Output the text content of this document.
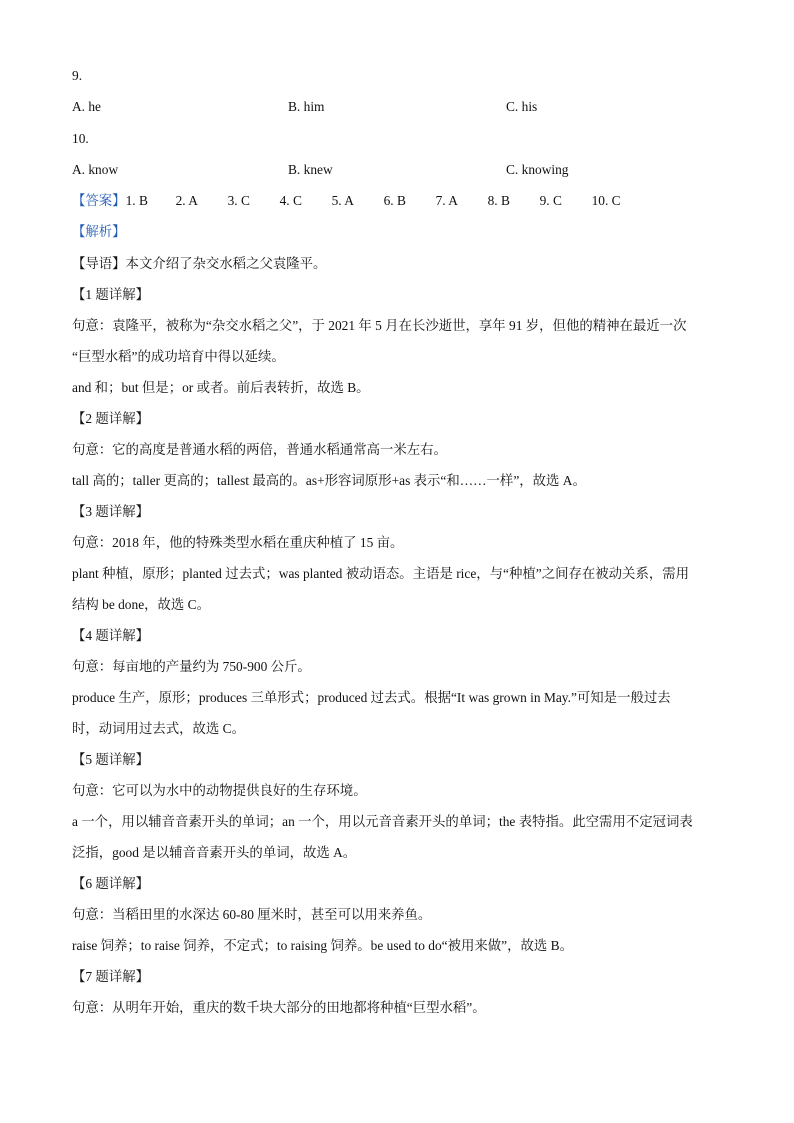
9.
A. he	B. him	C. his
10.
A. know	B. knew	C. knowing
【答案】1. B 2. A 3. C 4. C 5. A 6. B 7. A 8. B 9. C 10. C
【解析】
【导语】本文介绍了杂交水稻之父袁隆平。
【1 题详解】
句意：袁隆平，被称为“杂交水稻之父”，于 2021 年 5 月在长沙逝世，享年 91 岁，但他的精神在最近一次
“巨型水稻”的成功培育中得以延续。
and 和；but 但是；or 或者。前后表转折，故选 B。
【2 题详解】
句意：它的高度是普通水稻的两倍，普通水稻通常高一米左右。
tall 高的；taller 更高的；tallest 最高的。as+形容词原形+as 表示“和……一样”，故选 A。
【3 题详解】
句意：2018 年，他的特殊类型水稻在重庆种植了 15 亩。
plant 种植，原形；planted 过去式；was planted 被动语态。主语是 rice，与“种植”之间存在被动关系，需用
结构 be done，故选 C。
【4 题详解】
句意：每亩地的产量约为 750-900 公斤。
produce 生产，原形；produces 三单形式；produced 过去式。根据“It was grown in May.”可知是一般过去
时，动词用过去式，故选 C。
【5 题详解】
句意：它可以为水中的动物提供良好的生存环境。
a 一个，用以辅音音素开头的单词；an 一个，用以元音音素开头的单词；the 表特指。此空需用不定冠词表
泛指，good 是以辅音音素开头的单词，故选 A。
【6 题详解】
句意：当稻田里的水深达 60-80 厘米时，甚至可以用来养鱼。
raise 饲养；to raise 饲养，不定式；to raising 饲养。be used to do“被用来做”，故选 B。
【7 题详解】
句意：从明年开始，重庆的数千块大部分的田地都将种植“巨型水稻”。
